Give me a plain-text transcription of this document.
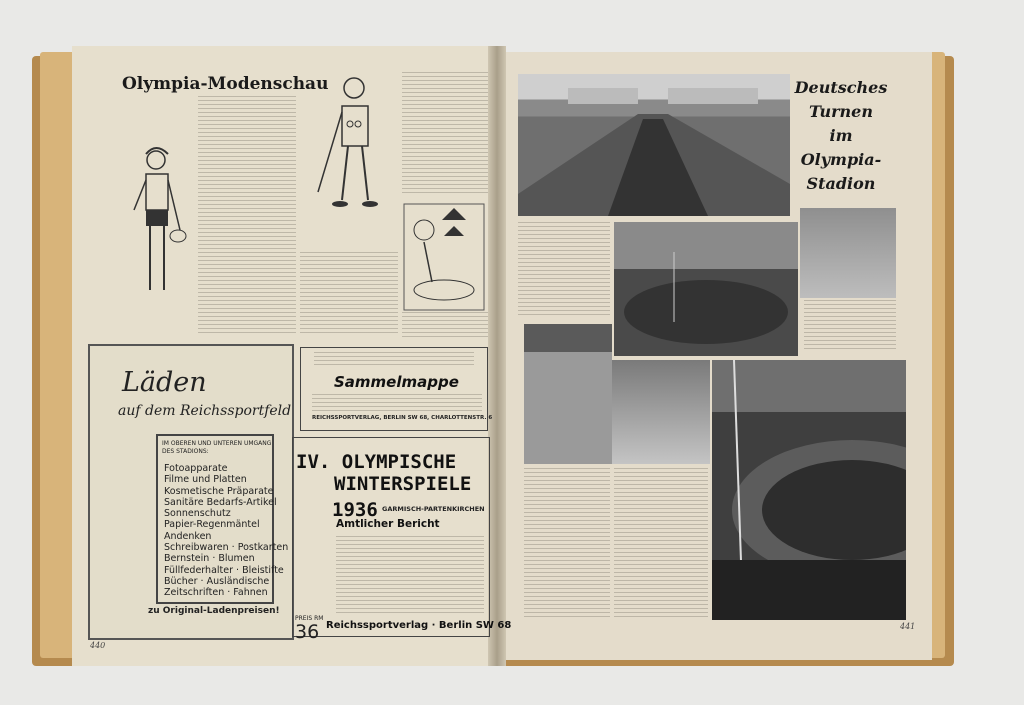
Olympia-Modenschau
Läden
auf dem Reichssportfeld
IM OBEREN UND UNTEREN UMGANG DES STADIONS:
Fotoapparate
Filme und Platten
Kosmetische Präparate
Sanitäre Bedarfs-Artikel
Sonnenschutz
Papier-Regenmäntel
Andenken
Schreibwaren · Postkarten
Bernstein · Blumen
Füllfederhalter · Bleistifte
Bücher · Ausländische
Zeitschriften · Fahnen
zu Original-Ladenpreisen!
Sammelmappe
REICHSSPORTVERLAG, BERLIN SW 68, CHARLOTTENSTR. 6
IV. OLYMPISCHE
WINTERSPIELE
1936 GARMISCH-PARTENKIRCHEN
Amtlicher Bericht
PREIS RM
36 Reichssportverlag · Berlin SW 68
440
Deutsches
Turnen
im
Olympia-
Stadion
441
